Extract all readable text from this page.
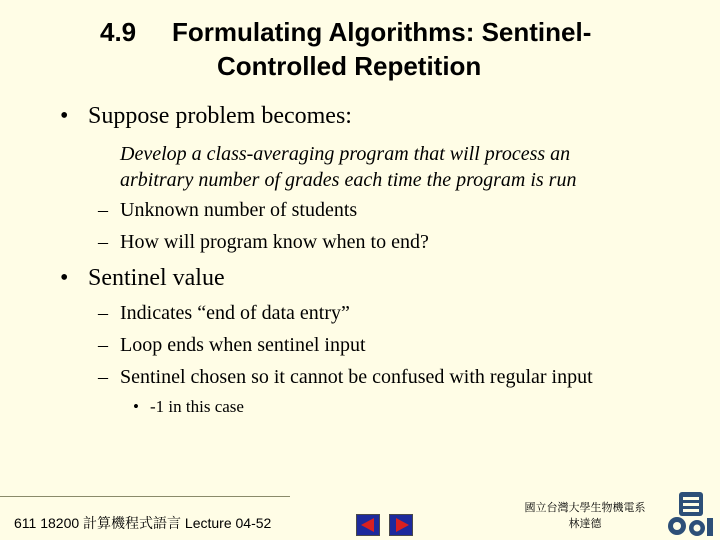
4.9 Formulating Algorithms: Sentinel-
Controlled Repetition
• Suppose problem becomes:
Develop a class-averaging program that will process an
arbitrary number of grades each time the program is run
– Unknown number of students
– How will program know when to end?
• Sentinel value
– Indicates “end of data entry”
– Loop ends when sentinel input
– Sentinel chosen so it cannot be confused with regular input
• -1 in this case
611 18200 計算機程式語言 Lecture 04-52
國立台灣大學生物機電系
林達德
